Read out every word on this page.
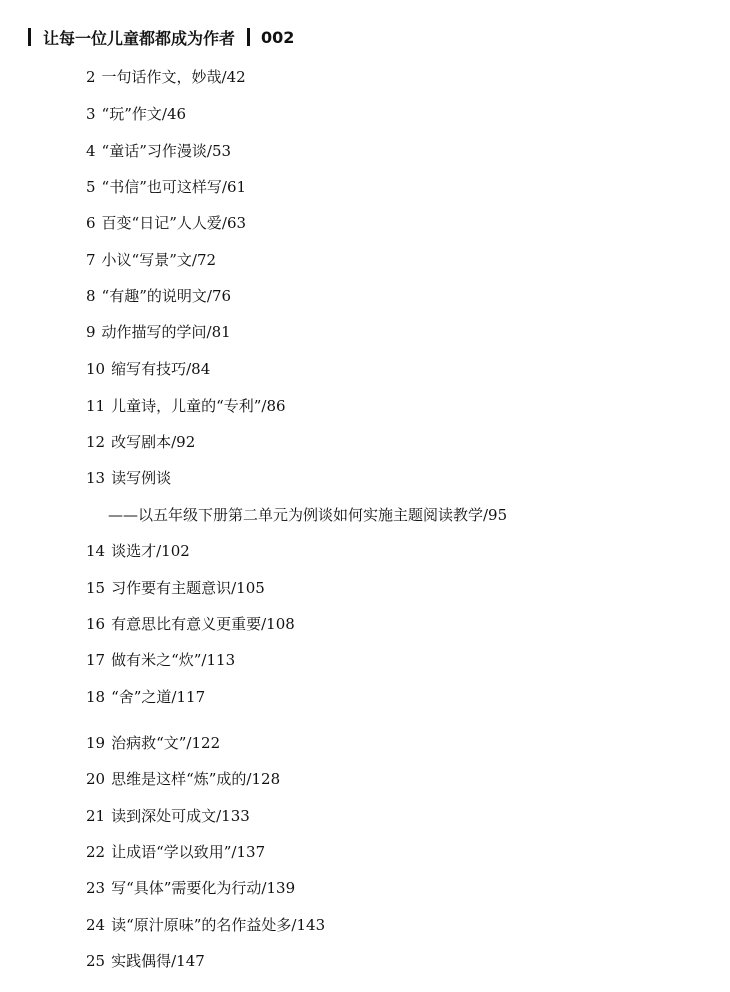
让每一位儿童都都成为作者 002
2 一句话作文，妙哉/42
3 “玩”作文/46
4 “童话”习作漫谈/53
5 “书信”也可这样写/61
6 百变“日记”人人爱/63
7 小议“写景”文/72
8 “有趣”的说明文/76
9 动作描写的学问/81
10 缩写有技巧/84
11 儿童诗，儿童的“专利”/86
12 改写剧本/92
13 读写例谈
——以五年级下册第二单元为例谈如何实施主题阅读教学/95
14 谈选才/102
15 习作要有主题意识/105
16 有意思比有意义更重要/108
17 做有米之“炊”/113
18 “舍”之道/117
19 治病救“文”/122
20 思维是这样“炼”成的/128
21 读到深处可成文/133
22 让成语“学以致用”/137
23 写“具体”需要化为行动/139
24 读“原汁原味”的名作益处多/143
25 实践偶得/147
